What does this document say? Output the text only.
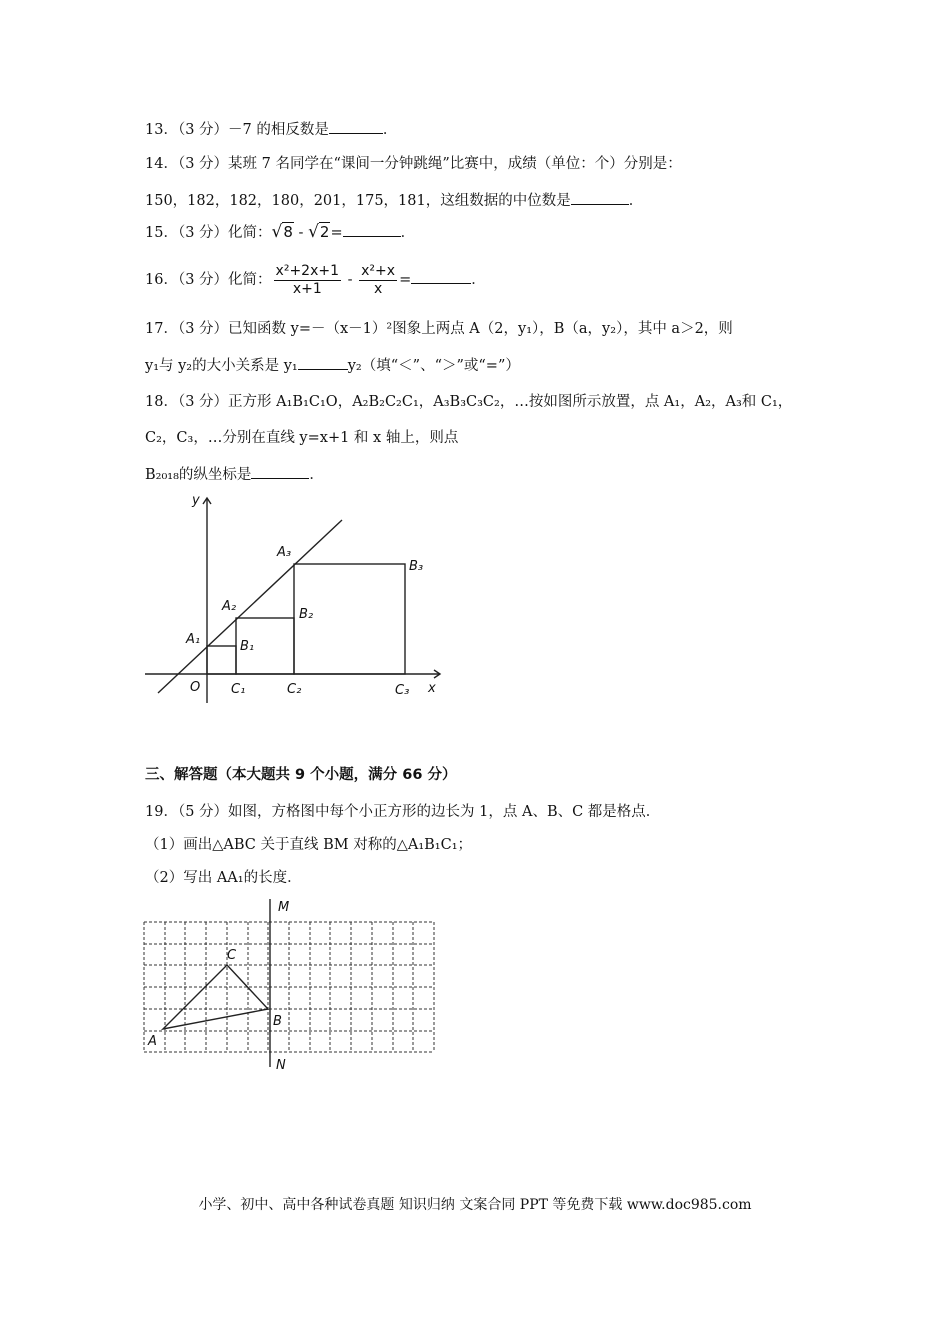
13．（3 分）－7 的相反数是	．
14．（3 分）某班 7 名同学在“课间一分钟跳绳”比赛中，成绩（单位：个）分别是：
150，182，182，180，201，175，181，这组数据的中位数是	．
15．（3 分）化简：√8 - √2=	．
16．（3 分）化简： $\frac{\text{x²+2x+1}}{x+1} - \frac{\text{x²+x}}{x}$ =	．
17．（3 分）已知函数 y=－（x－1）²图象上两点 A（2，y₁），B（a，y₂），其中 a＞2，则
y₁与 y₂的大小关系是 y₁	y₂（填“＜”、“＞”或“=”）
18．（3 分）正方形 A₁B₁C₁O，A₂B₂C₂C₁，A₃B₃C₃C₂，…按如图所示放置，点 A₁，A₂，A₃和 C₁，
C₂，C₃，…分别在直线 y=x+1 和 x 轴上，则点
B₂₀₁₈的纵坐标是	．
y
x
O
A₁
A₂
A₃
B₁
B₂
B₃
C₁	C₂	C₃
三、解答题（本大题共 9 个小题，满分 66 分）
19．（5 分）如图，方格图中每个小正方形的边长为 1，点 A、B、C 都是格点．
（1）画出△ABC 关于直线 BM 对称的△A₁B₁C₁；
（2）写出 AA₁的长度．
M
N
A
B
C
小学、初中、高中各种试卷真题 知识归纳 文案合同 PPT 等免费下载 www.doc985.com
